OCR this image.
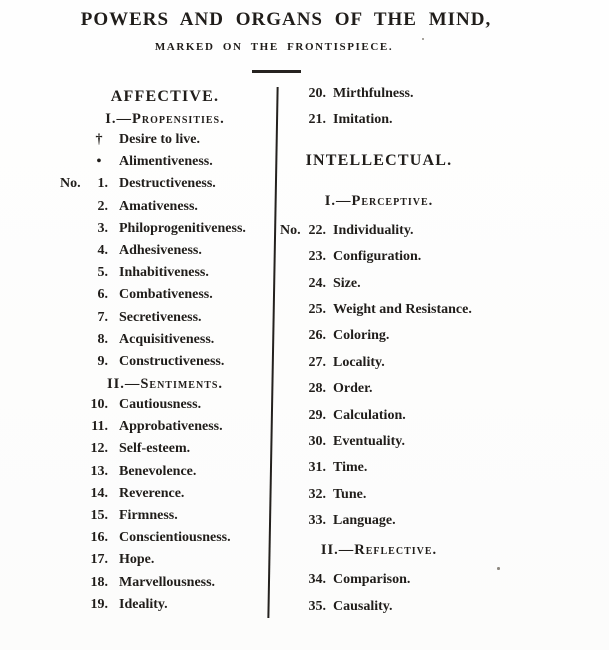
POWERS AND ORGANS OF THE MIND,
MARKED ON THE FRONTISPIECE.
AFFECTIVE.
I.—Propensities.
†	Desire to live.
•	Alimentiveness.
No.	1. Destructiveness.
2. Amativeness.
3. Philoprogenitiveness.
4. Adhesiveness.
5. Inhabitiveness.
6. Combativeness.
7. Secretiveness.
8. Acquisitiveness.
9. Constructiveness.
II.—Sentiments.
10. Cautiousness.
11. Approbativeness.
12. Self-esteem.
13. Benevolence.
14. Reverence.
15. Firmness.
16. Conscientiousness.
17. Hope.
18. Marvellousness.
19. Ideality.
20. Mirthfulness.
21. Imitation.
INTELLECTUAL.
I.—Perceptive.
No. 22. Individuality.
23. Configuration.
24. Size.
25. Weight and Resistance.
26. Coloring.
27. Locality.
28. Order.
29. Calculation.
30. Eventuality.
31. Time.
32. Tune.
33. Language.
II.—Reflective.
34. Comparison.
35. Causality.
